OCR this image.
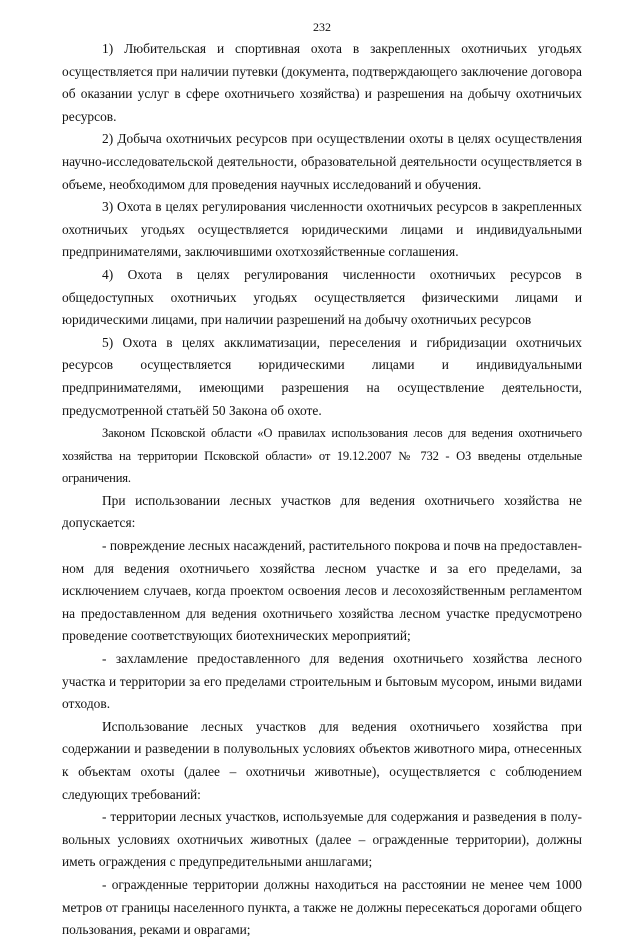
232

1) Любительская и спортивная охота в закрепленных охотничьих угодьях осуществляется при наличии путевки (документа, подтверждающего заключение договора об оказании услуг в сфере охотничьего хозяйства) и разрешения на добычу охотничьих ресурсов.

2) Добыча охотничьих ресурсов при осуществлении охоты в целях осуществления научно-исследовательской деятельности, образовательной деятельности осуществляется в объеме, необходимом для проведения научных исследований и обучения.

3) Охота в целях регулирования численности охотничьих ресурсов в закрепленных охотничьих угодьях осуществляется юридическими лицами и индивидуальными предпринимателями, заключившими охотхозяйственные соглашения.

4) Охота в целях регулирования численности охотничьих ресурсов в общедоступных охотничьих угодьях осуществляется физическими лицами и юридическими лицами, при наличии разрешений на добычу охотничьих ресурсов

5) Охота в целях акклиматизации, переселения и гибридизации охотничьих ресурсов осуществляется юридическими лицами и индивидуальными предпринимателями, имеющими разрешения на осуществление деятельности, предусмотренной статьёй 50 Закона об охоте.

Законом Псковской области «О правилах использования лесов для ведения охотничьего хозяйства на территории Псковской области» от 19.12.2007 № 732 - ОЗ введены отдельные ограничения.

При использовании лесных участков для ведения охотничьего хозяйства не допускается:

- повреждение лесных насаждений, растительного покрова и почв на предоставленном для ведения охотничьего хозяйства лесном участке и за его пределами, за исключением случаев, когда проектом освоения лесов и лесохозяйственным регламентом на предоставленном для ведения охотничьего хозяйства лесном участке предусмотрено проведение соответствующих биотехнических мероприятий;

- захламление предоставленного для ведения охотничьего хозяйства лесного участка и территории за его пределами строительным и бытовым мусором, иными видами отходов.

Использование лесных участков для ведения охотничьего хозяйства при содержании и разведении в полувольных условиях объектов животного мира, отнесенных к объектам охоты (далее – охотничьи животные), осуществляется с соблюдением следующих требований:

- территории лесных участков, используемые для содержания и разведения в полувольных условиях охотничьих животных (далее – огражденные территории), должны иметь ограждения с предупредительными аншлагами;

- огражденные территории должны находиться на расстоянии не менее чем 1000 метров от границы населенного пункта, а также не должны пересекаться дорогами общего пользования, реками и оврагами;
